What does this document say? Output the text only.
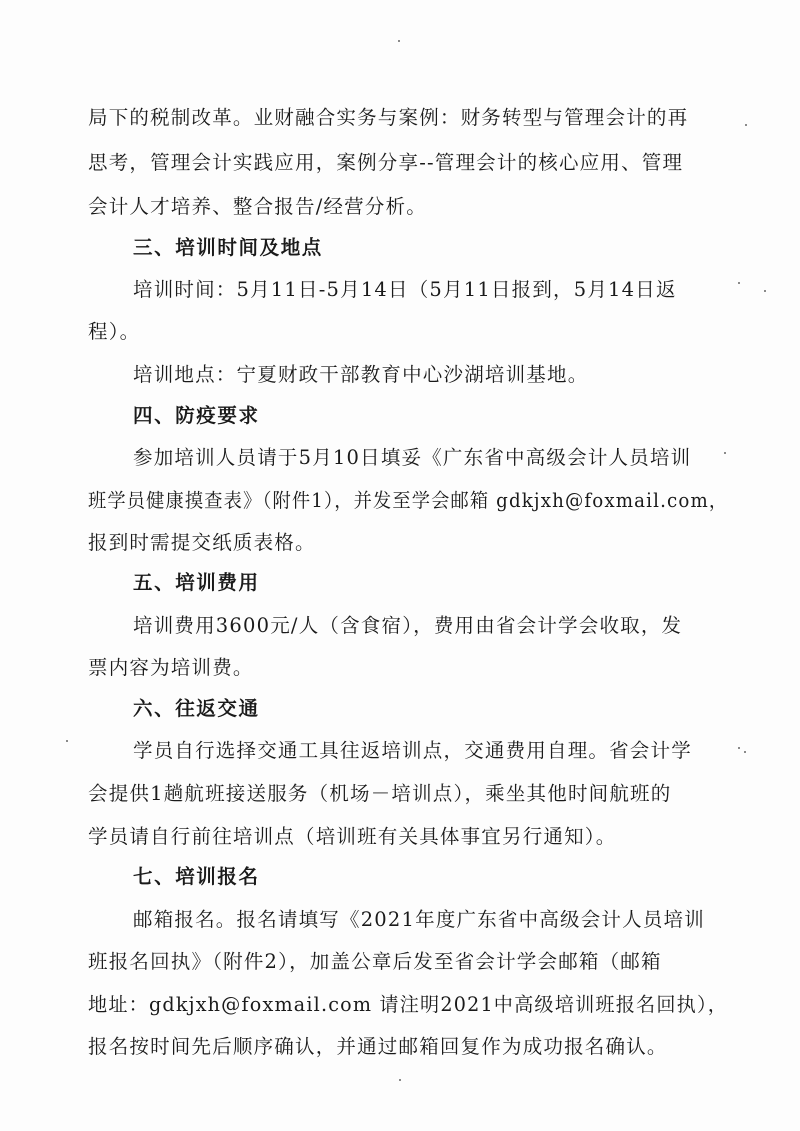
局下的税制改革。业财融合实务与案例：财务转型与管理会计的再
思考，管理会计实践应用，案例分享--管理会计的核心应用、管理
会计人才培养、整合报告/经营分析。
三、培训时间及地点
培训时间：5月11日-5月14日（5月11日报到，5月14日返
程）。
培训地点：宁夏财政干部教育中心沙湖培训基地。
四、防疫要求
参加培训人员请于5月10日填妥《广东省中高级会计人员培训
班学员健康摸查表》（附件1），并发至学会邮箱 gdkjxh@foxmail.com，
报到时需提交纸质表格。
五、培训费用
培训费用3600元/人（含食宿），费用由省会计学会收取，发
票内容为培训费。
六、往返交通
学员自行选择交通工具往返培训点，交通费用自理。省会计学
会提供1趟航班接送服务（机场－培训点），乘坐其他时间航班的
学员请自行前往培训点（培训班有关具体事宜另行通知）。
七、培训报名
邮箱报名。报名请填写《2021年度广东省中高级会计人员培训
班报名回执》（附件2），加盖公章后发至省会计学会邮箱（邮箱
地址：gdkjxh@foxmail.com 请注明2021中高级培训班报名回执），
报名按时间先后顺序确认，并通过邮箱回复作为成功报名确认。
